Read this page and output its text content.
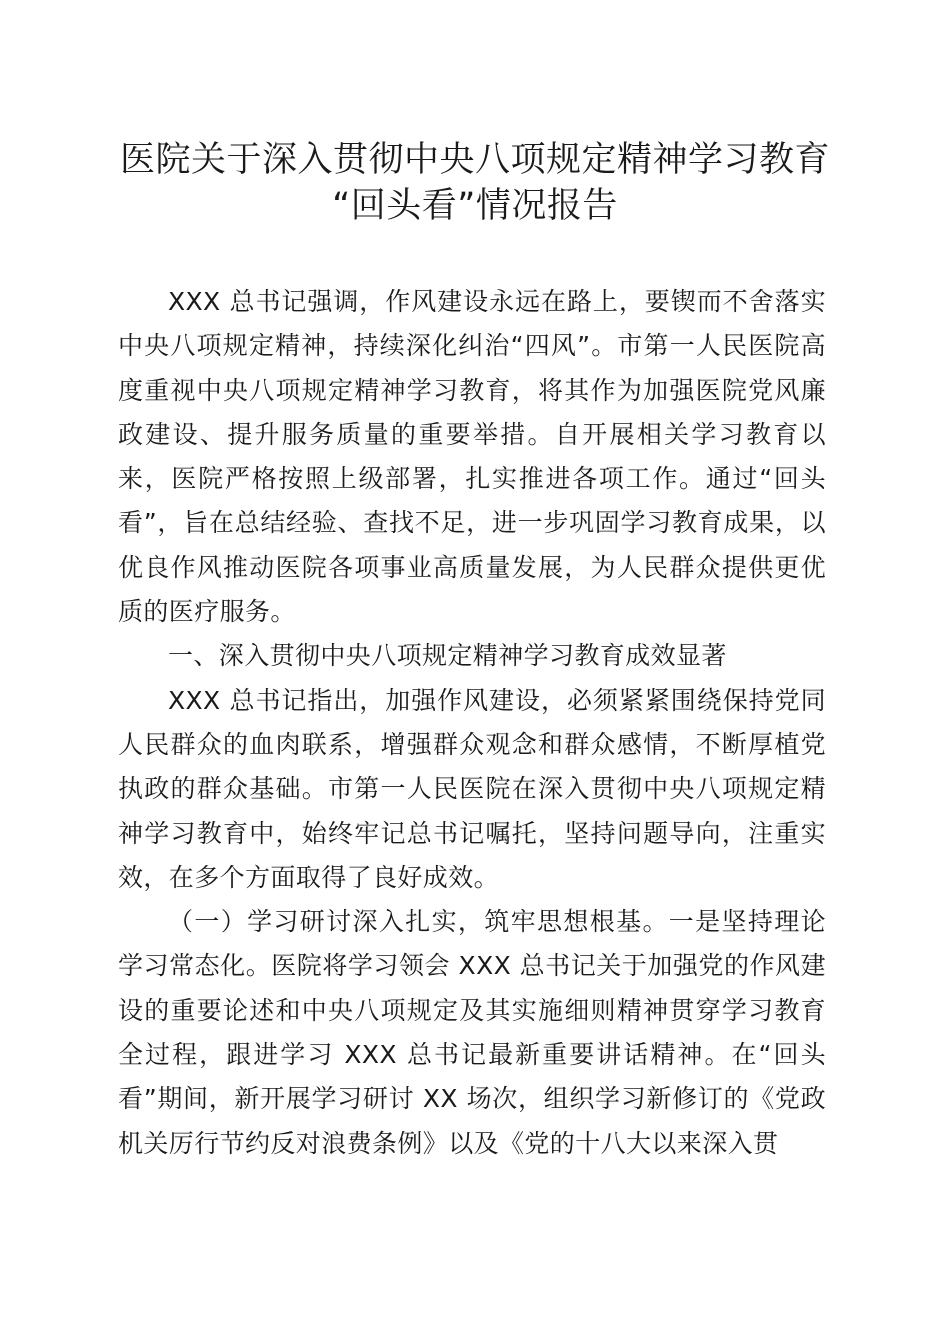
医院关于深入贯彻中央八项规定精神学习教育
“回头看”情况报告

XXX 总书记强调，作风建设永远在路上，要锲而不舍落实中央八项规定精神，持续深化纠治“四风”。市第一人民医院高度重视中央八项规定精神学习教育，将其作为加强医院党风廉政建设、提升服务质量的重要举措。自开展相关学习教育以来，医院严格按照上级部署，扎实推进各项工作。通过“回头看”，旨在总结经验、查找不足，进一步巩固学习教育成果，以优良作风推动医院各项事业高质量发展，为人民群众提供更优质的医疗服务。

一、深入贯彻中央八项规定精神学习教育成效显著

XXX 总书记指出，加强作风建设，必须紧紧围绕保持党同人民群众的血肉联系，增强群众观念和群众感情，不断厚植党执政的群众基础。市第一人民医院在深入贯彻中央八项规定精神学习教育中，始终牢记总书记嘱托，坚持问题导向，注重实效，在多个方面取得了良好成效。

（一）学习研讨深入扎实，筑牢思想根基。一是坚持理论学习常态化。医院将学习领会 XXX 总书记关于加强党的作风建设的重要论述和中央八项规定及其实施细则精神贯穿学习教育全过程，跟进学习 XXX 总书记最新重要讲话精神。在“回头看”期间，新开展学习研讨 XX 场次，组织学习新修订的《党政机关厉行节约反对浪费条例》以及《党的十八大以来深入贯
